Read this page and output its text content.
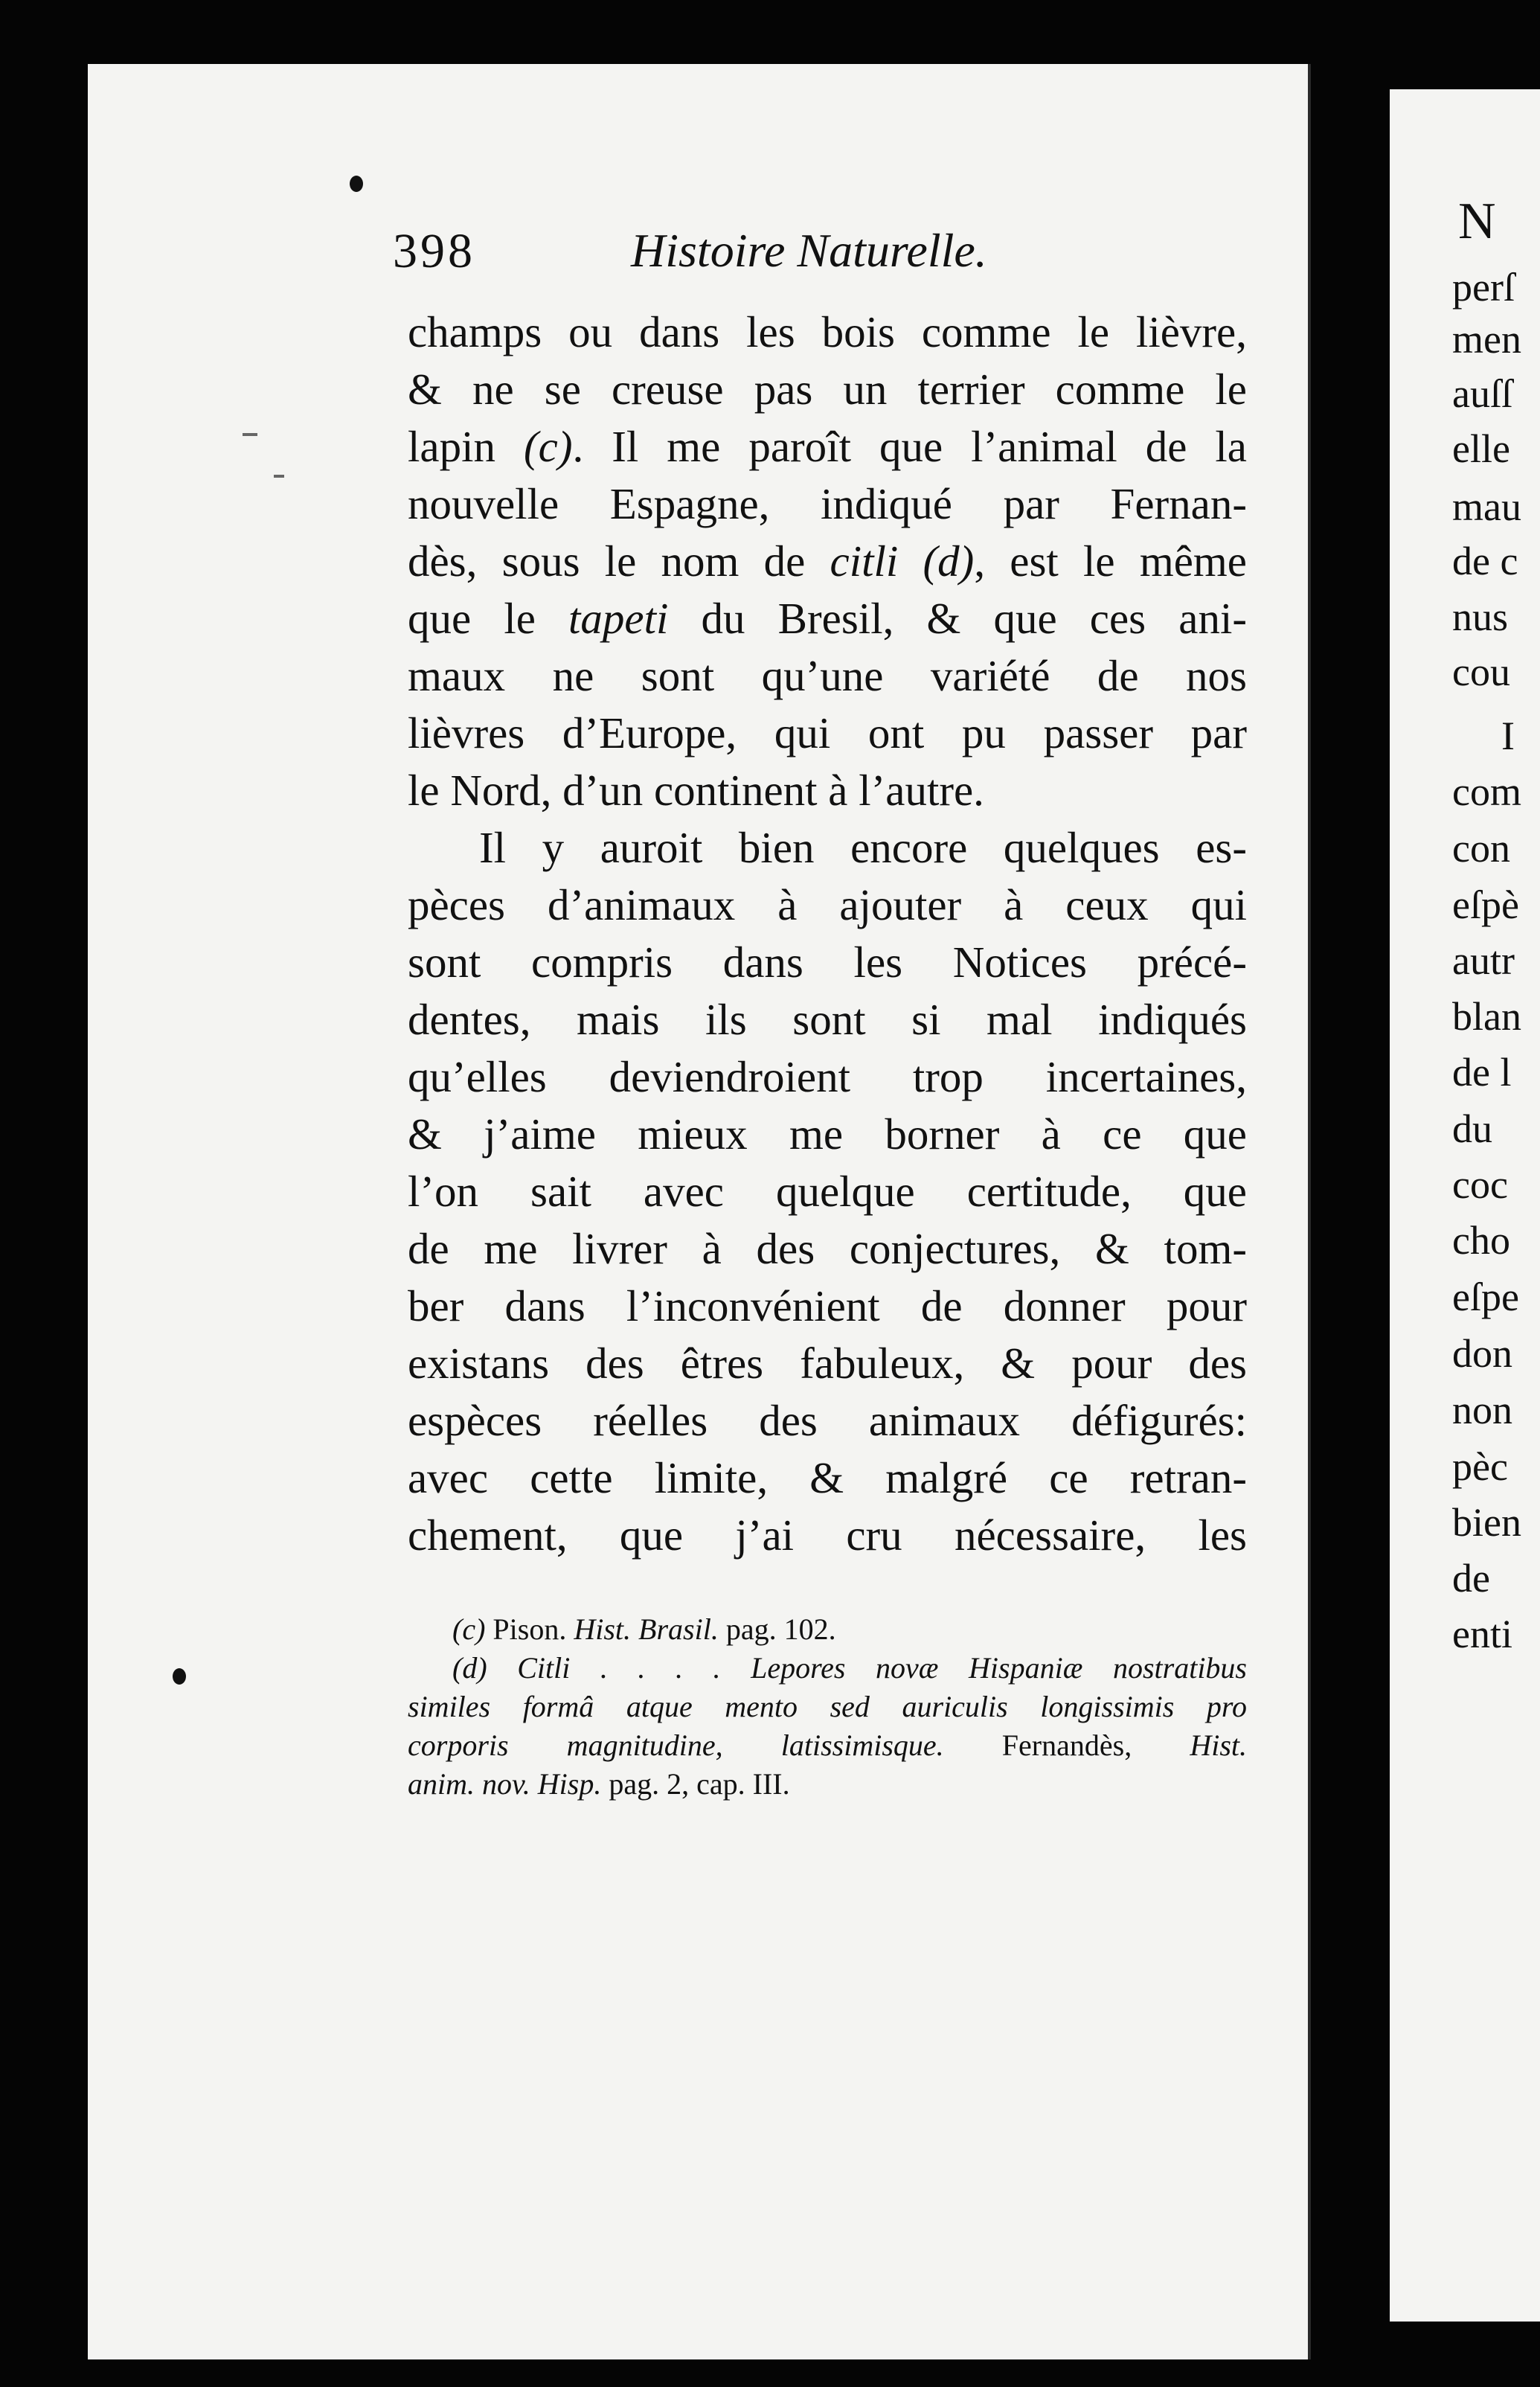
N
perſ
men
auſſ
elle
mau
de c
nus
cou
I
com
con
eſpè
autr
blan
de l
du
coc
cho
eſpe
don
non
pèc
bien
de
enti
398	Histoire Naturelle.
champs ou dans les bois comme le lièvre,
& ne se creuse pas un terrier comme le
lapin (c). Il me paroît que l’animal de la
nouvelle Espagne, indiqué par Fernan-
dès, sous le nom de citli (d), est le même
que le tapeti du Bresil, & que ces ani-
maux ne sont qu’une variété de nos
lièvres d’Europe, qui ont pu passer par
le Nord, d’un continent à l’autre.
Il y auroit bien encore quelques es-
pèces d’animaux à ajouter à ceux qui
sont compris dans les Notices précé-
dentes, mais ils sont si mal indiqués
qu’elles deviendroient trop incertaines,
& j’aime mieux me borner à ce que
l’on sait avec quelque certitude, que
de me livrer à des conjectures, & tom-
ber dans l’inconvénient de donner pour
existans des êtres fabuleux, & pour des
espèces réelles des animaux défigurés:
avec cette limite, & malgré ce retran-
chement, que j’ai cru nécessaire, les
(c) Pison. Hist. Brasil. pag. 102.
(d) Citli . . . . Lepores novæ Hispaniæ nostratibus
similes formâ atque mento sed auriculis longissimis pro
corporis magnitudine, latissimisque. Fernandès, Hist.
anim. nov. Hisp. pag. 2, cap. III.
